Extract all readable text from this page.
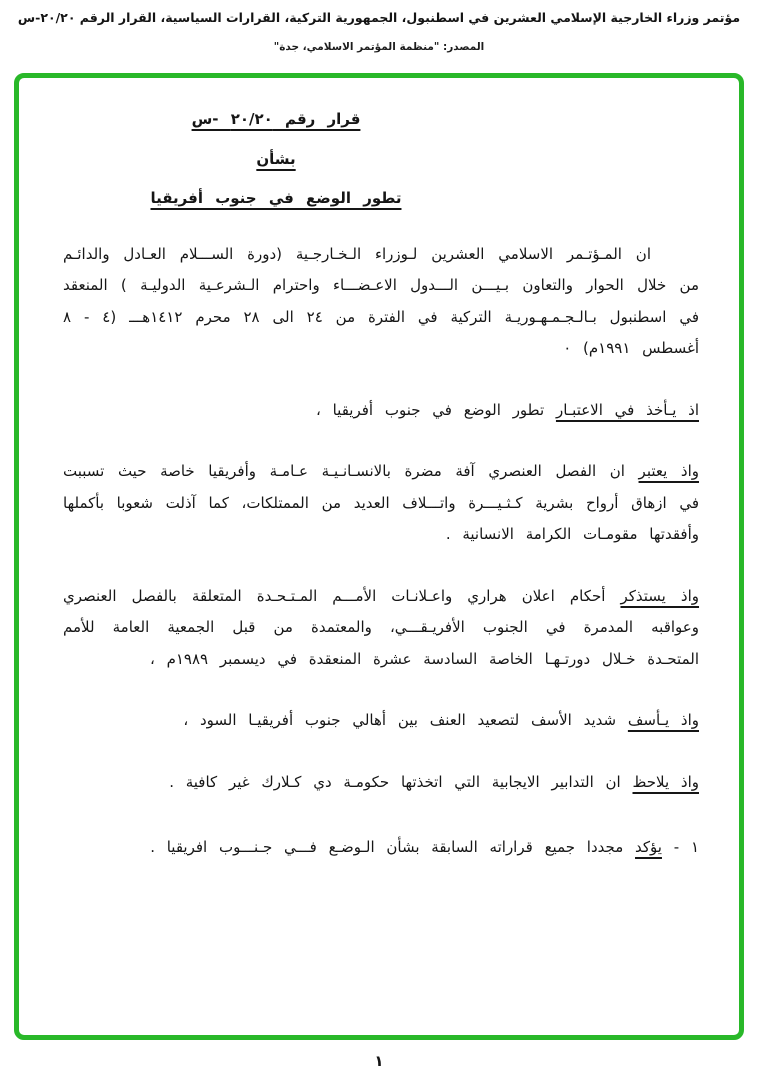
مؤتمر وزراء الخارجية الإسلامي العشرين في اسطنبول، الجمهورية التركية، القرارات السياسية، القرار الرقم ٢٠/٢٠-س
المصدر: "منظمة المؤتمر الاسلامي، جدة"
قرار رقم ٢٠/٢٠ -س
بشأن
تطور الوضع في جنوب أفريقيا

ان المـؤتـمر الاسلامي العشرين لـوزراء الـخـارجـية (دورة الســـلام العـادل والدائـم من خلال الحوار والتعاون بـيـــن الـــدول الاعـضـــاء واحترام الـشرعـية الدوليـة ) المنعقد في اسطنبول بـالـجـمـهـوريـة التركية في الفترة من ٢٤ الى ٢٨ محرم ١٤١٢هـــ (٤ - ٨ أغسطس ١٩٩١م) ٠

اذ يـأخذ في الاعتبـار تطور الوضع في جنوب أفريقيا ،

واذ يعتبر ان الفصل العنصري آفة مضرة بالانسـانـيـة عـامـة وأفريقيا خاصة حيث تسببت في ازهاق أرواح بشرية كـثـيـــرة واتـــلاف العديد من الممتلكات، كما آذلت شعوبا بأكملها وأفقدتها مقومـات الكرامة الانسانية .

واذ يستذكر أحكام اعلان هراري واعـلانـات الأمـــم المـتـحـدة المتعلقة بالفصل العنصري وعواقبه المدمرة في الجنوب الأفريـقـــي، والمعتمدة من قبل الجمعية العامة للأمم المتحـدة خـلال دورتـهـا الخاصة السادسة عشرة المنعقدة في ديسمبر ١٩٨٩م ،

واذ يـأسف شديد الأسف لتصعيد العنف بين أهالي جنوب أفريقيـا السود ،

واذ يلاحظ ان التدابير الايجابية التي اتخذتها حكومـة دي كـلارك غير كافية .

١ - يؤكد مجددا جميع قراراته السابقة بشأن الـوضـع فـــي جـنـــوب افريقيا .

١
